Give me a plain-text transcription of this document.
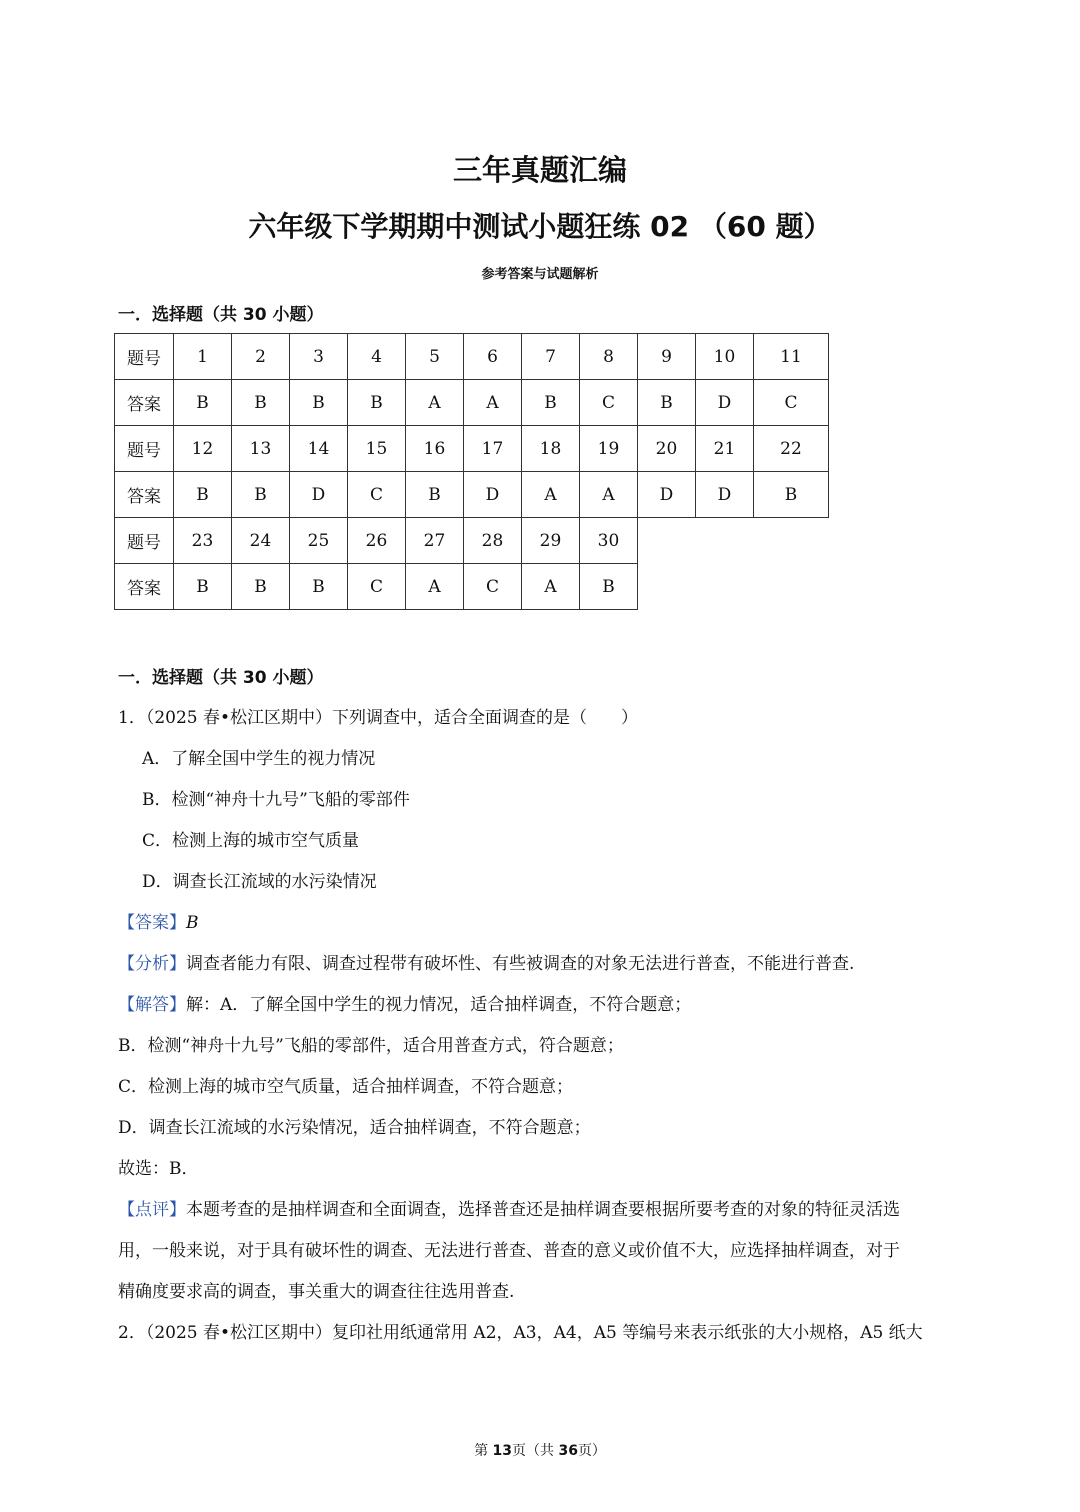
三年真题汇编
六年级下学期期中测试小题狂练 02 （60 题）
参考答案与试题解析
一．选择题（共 30 小题）
题号	1	2	3	4	5	6	7	8	9	10	11
答案	B	B	B	B	A	A	B	C	B	D	C
题号	12	13	14	15	16	17	18	19	20	21	22
答案	B	B	D	C	B	D	A	A	D	D	B
题号	23	24	25	26	27	28	29	30			
答案	B	B	B	C	A	C	A	B			
一．选择题（共 30 小题）
1．（2025 春•松江区期中）下列调查中，适合全面调查的是（　　）
A．了解全国中学生的视力情况
B．检测“神舟十九号”飞船的零部件
C．检测上海的城市空气质量
D．调查长江流域的水污染情况
【答案】B
【分析】调查者能力有限、调查过程带有破坏性、有些被调查的对象无法进行普查，不能进行普查.
【解答】解：A．了解全国中学生的视力情况，适合抽样调查，不符合题意；
B．检测“神舟十九号”飞船的零部件，适合用普查方式，符合题意；
C．检测上海的城市空气质量，适合抽样调查，不符合题意；
D．调查长江流域的水污染情况，适合抽样调查，不符合题意；
故选：B．
【点评】本题考查的是抽样调查和全面调查，选择普查还是抽样调查要根据所要考查的对象的特征灵活选
用，一般来说，对于具有破坏性的调查、无法进行普查、普查的意义或价值不大，应选择抽样调查，对于
精确度要求高的调查，事关重大的调查往往选用普查.
2．（2025 春•松江区期中）复印社用纸通常用 A2，A3，A4，A5 等编号来表示纸张的大小规格，A5 纸大
第 13页（共 36页）
